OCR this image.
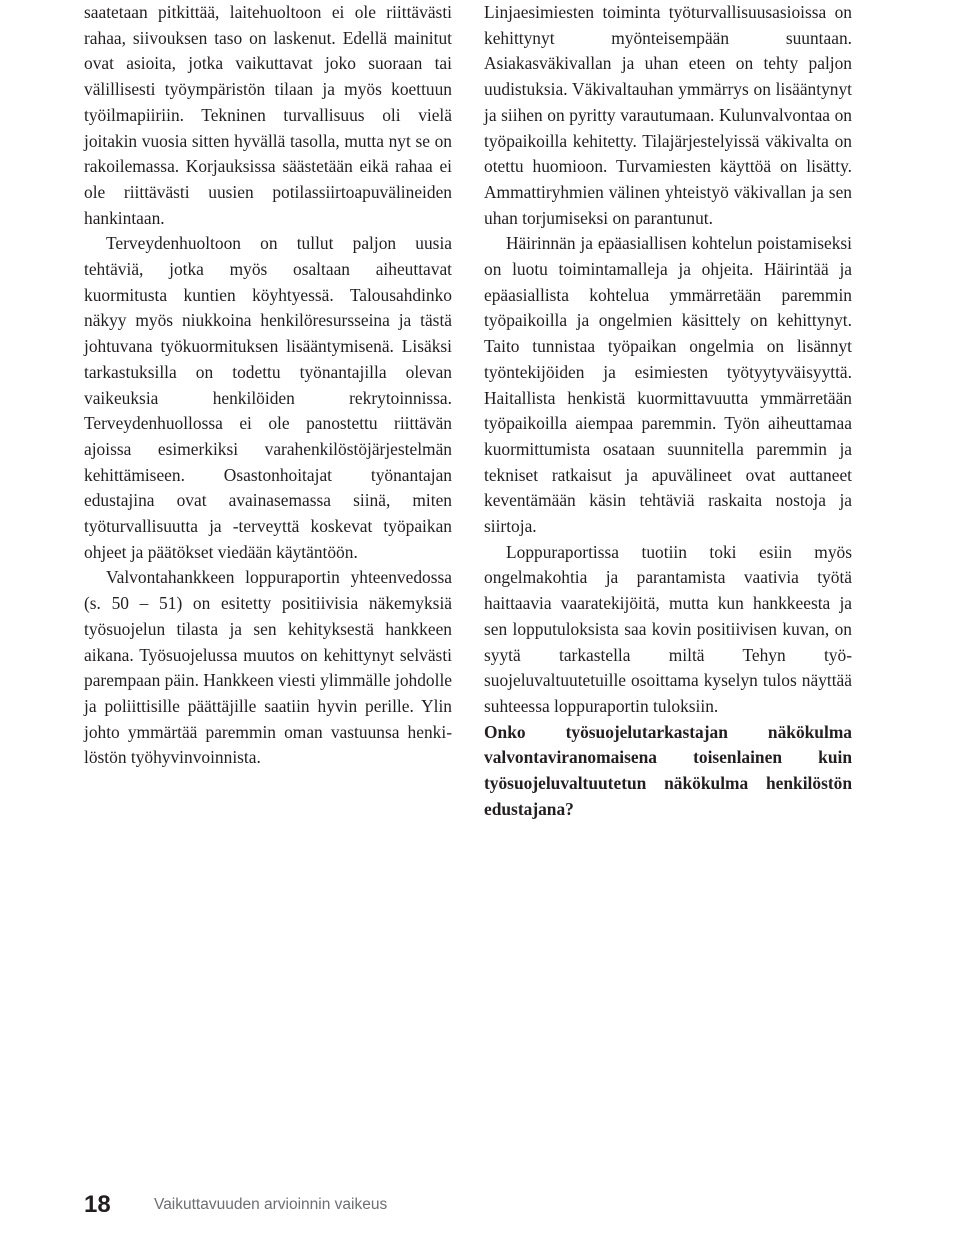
saatetaan pitkittää, laitehuoltoon ei ole riittävästi rahaa, siivouksen taso on laskenut. Edellä mainitut ovat asioita, jotka vaikuttavat joko suoraan tai välillisesti työympäristön tilaan ja myös koettuun työilmapiiriin. Tekninen turvallisuus oli vielä joitakin vuosia sitten hyvällä tasolla, mutta nyt se on rakoilemassa. Korjauksissa säästetään eikä rahaa ei ole riittävästi uusien potilassiirtoapuvälineiden hankintaan.

Terveydenhuoltoon on tullut paljon uusia tehtäviä, jotka myös osaltaan aiheuttavat kuormitusta kuntien köyhtyessä. Talousahdinko näkyy myös niukkoina henkilöresursseina ja tästä johtuvana työkuormituksen lisääntymisenä. Lisäksi tarkastuksilla on todettu työnantajilla olevan vaikeuksia henkilöiden rekrytoinnissa. Terveydenhuollossa ei ole panostettu riittävän ajoissa esimerkiksi varahenkilöstöjärjestelmän kehittämiseen. Osastonhoitajat työnantajan edustajina ovat avainasemassa siinä, miten työturvallisuutta ja -terveyttä koskevat työpaikan ohjeet ja päätökset viedään käytäntöön.

Valvontahankkeen loppuraportin yhteenvedossa (s. 50 – 51) on esitetty positiivisia näkemyksiä työsuojelun tilasta ja sen kehityksestä hankkeen aikana. Työsuojelussa muutos on kehittynyt selvästi parempaan päin. Hankkeen viesti ylimmälle johdolle ja poliittisille päättäjille saatiin hyvin perille. Ylin johto ymmärtää paremmin oman vastuunsa henkilöstön työhyvinvoinnista.

Linjaesimiesten toiminta työturvallisuusasioissa on kehittynyt myönteisempään suuntaan. Asiakasväkivallan ja uhan eteen on tehty paljon uudistuksia. Väkivaltauhan ymmärrys on lisääntynyt ja siihen on pyritty varautumaan. Kulunvalvontaa on työpaikoilla kehitetty. Tilajärjestelyissä väkivalta on otettu huomioon. Turvamiesten käyttöä on lisätty. Ammattiryhmien välinen yhteistyö väkivallan ja sen uhan torjumiseksi on parantunut.

Häirinnän ja epäasiallisen kohtelun poistamiseksi on luotu toimintamalleja ja ohjeita. Häirintää ja epäasiallista kohtelua ymmärretään paremmin työpaikoilla ja ongelmien käsittely on kehittynyt. Taito tunnistaa työpaikan ongelmia on lisännyt työntekijöiden ja esimiesten työtyytyväisyyttä. Haitallista henkistä kuormittavuutta ymmärretään työpaikoilla aiempaa paremmin. Työn aiheuttamaa kuormittumista osataan suunnitella paremmin ja tekniset ratkaisut ja apuvälineet ovat auttaneet keventämään käsin tehtäviä raskaita nostoja ja siirtoja.

Loppuraportissa tuotiin toki esiin myös ongelmakohtia ja parantamista vaativia työtä haittaavia vaaratekijöitä, mutta kun hankkeesta ja sen lopputuloksista saa kovin positiivisen kuvan, on syytä tarkastella miltä Tehyn työsuojeluvaltuutetuille osoittama kyselyn tulos näyttää suhteessa loppuraportin tuloksiin.

Onko työsuojelutarkastajan näkökulma valvontaviranomaisena toisenlainen kuin työsuojeluvaltuutetun näkökulma henkilöstön edustajana?

18	Vaikuttavuuden arvioinnin vaikeus
